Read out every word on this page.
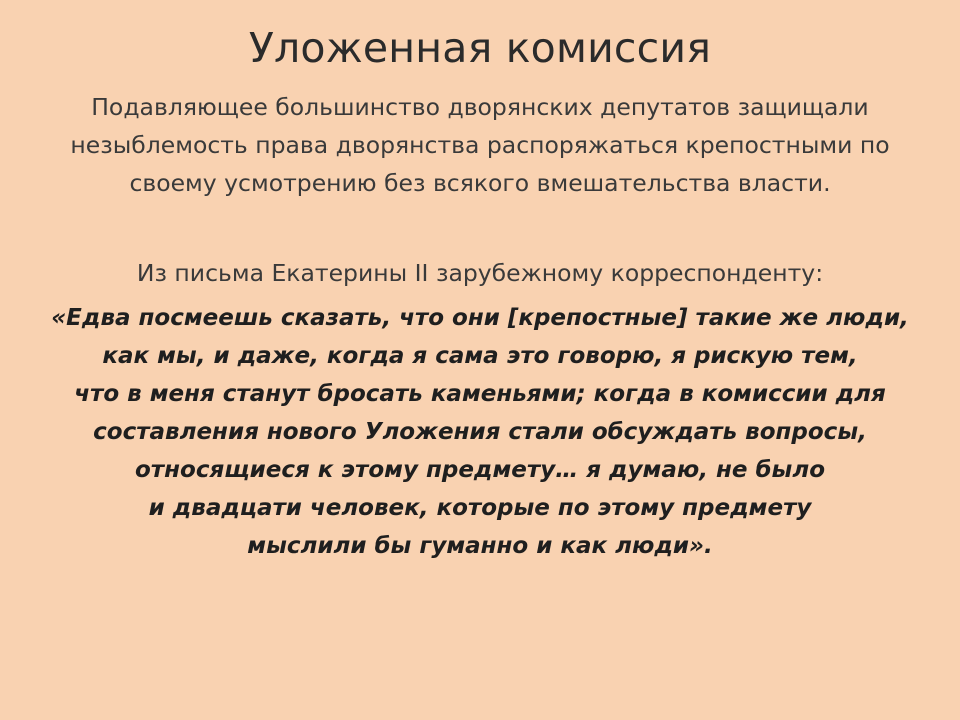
Уложенная комиссия
Подавляющее большинство дворянских депутатов защищали
незыблемость права дворянства распоряжаться крепостными по
своему усмотрению без всякого вмешательства власти.
Из письма Екатерины II зарубежному корреспонденту:
«Едва посмеешь сказать, что они [крепостные] такие же люди,
как мы, и даже, когда я сама это говорю, я рискую тем,
что в меня станут бросать каменьями; когда в комиссии для
составления нового Уложения стали обсуждать вопросы,
относящиеся к этому предмету… я думаю, не было
и двадцати человек, которые по этому предмету
мыслили бы гуманно и как люди».
